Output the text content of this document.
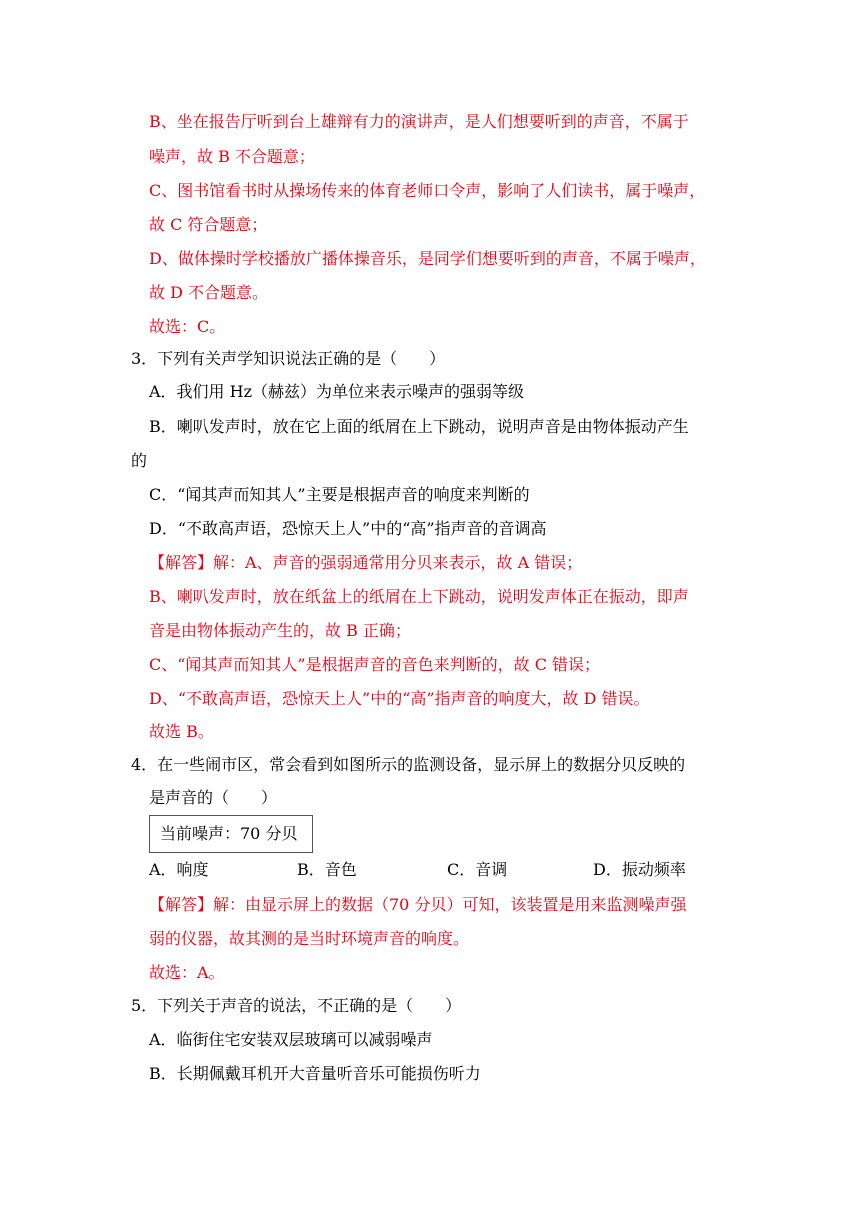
B、坐在报告厅听到台上雄辩有力的演讲声，是人们想要听到的声音，不属于
噪声，故 B 不合题意；
C、图书馆看书时从操场传来的体育老师口令声，影响了人们读书，属于噪声，
故 C 符合题意；
D、做体操时学校播放广播体操音乐，是同学们想要听到的声音，不属于噪声，
故 D 不合题意。
故选：C。
3．下列有关声学知识说法正确的是（　　）
A．我们用 Hz（赫兹）为单位来表示噪声的强弱等级
B．喇叭发声时，放在它上面的纸屑在上下跳动，说明声音是由物体振动产生
的
C．“闻其声而知其人”主要是根据声音的响度来判断的
D．“不敢高声语，恐惊天上人”中的“高”指声音的音调高
【解答】解：A、声音的强弱通常用分贝来表示，故 A 错误；
B、喇叭发声时，放在纸盆上的纸屑在上下跳动，说明发声体正在振动，即声
音是由物体振动产生的，故 B 正确；
C、“闻其声而知其人”是根据声音的音色来判断的，故 C 错误；
D、“不敢高声语，恐惊天上人”中的“高”指声音的响度大，故 D 错误。
故选 B。
4．在一些闹市区，常会看到如图所示的监测设备，显示屏上的数据分贝反映的
是声音的（　　）
当前噪声：70 分贝
A．响度	B．音色	C．音调	D．振动频率
【解答】解：由显示屏上的数据（70 分贝）可知，该装置是用来监测噪声强
弱的仪器，故其测的是当时环境声音的响度。
故选：A。
5．下列关于声音的说法，不正确的是（　　）
A．临街住宅安装双层玻璃可以减弱噪声
B．长期佩戴耳机开大音量听音乐可能损伤听力
